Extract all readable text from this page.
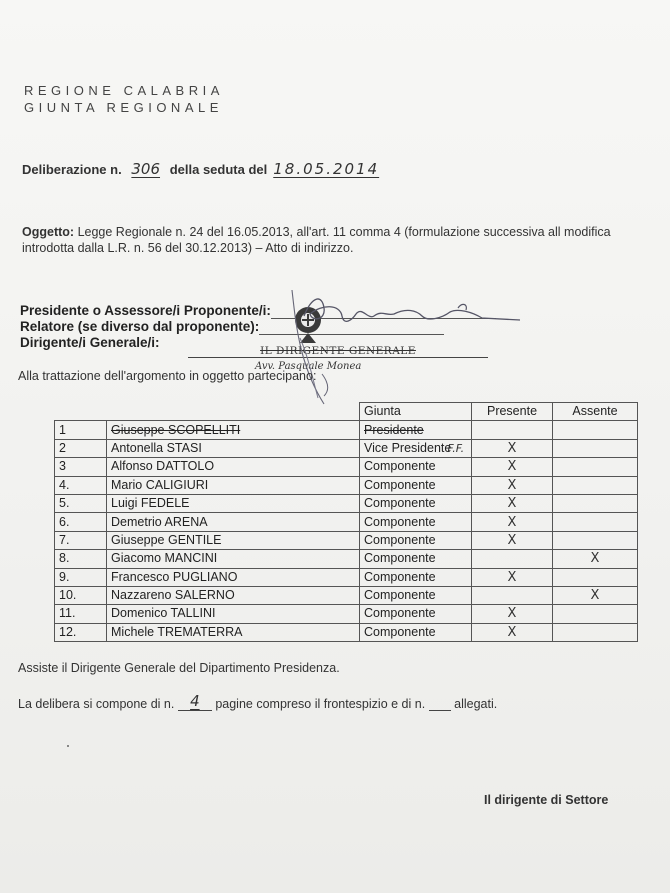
REGIONE CALABRIA
GIUNTA REGIONALE
Deliberazione n. 306 della seduta del 18.05.2014
Oggetto: Legge Regionale n. 24 del 16.05.2013, all'art. 11 comma 4 (formulazione successiva all modifica introdotta dalla L.R. n. 56 del 30.12.2013) – Atto di indirizzo.
Presidente o Assessore/i Proponente/i:
Relatore (se diverso dal proponente):
Dirigente/i Generale/i:
IL DIRIGENTE GENERALE
Avv. Pasquale Monea
Alla trattazione dell'argomento in oggetto partecipano:
		Giunta	Presente	Assente
1	Giuseppe SCOPELLITI	Presidente		
2	Antonella STASI	Vice PresidenteF.F.	X	
3	Alfonso DATTOLO	Componente	X	
4.	Mario CALIGIURI	Componente	X	
5.	Luigi FEDELE	Componente	X	
6.	Demetrio ARENA	Componente	X	
7.	Giuseppe GENTILE	Componente	X	
8.	Giacomo MANCINI	Componente		X
9.	Francesco PUGLIANO	Componente	X	
10.	Nazzareno SALERNO	Componente		X
11.	Domenico TALLINI	Componente	X	
12.	Michele TREMATERRA	Componente	X	
Assiste il Dirigente Generale del Dipartimento Presidenza.
La delibera si compone di n. 4 pagine compreso il frontespizio e di n. allegati.
Il dirigente di Settore
